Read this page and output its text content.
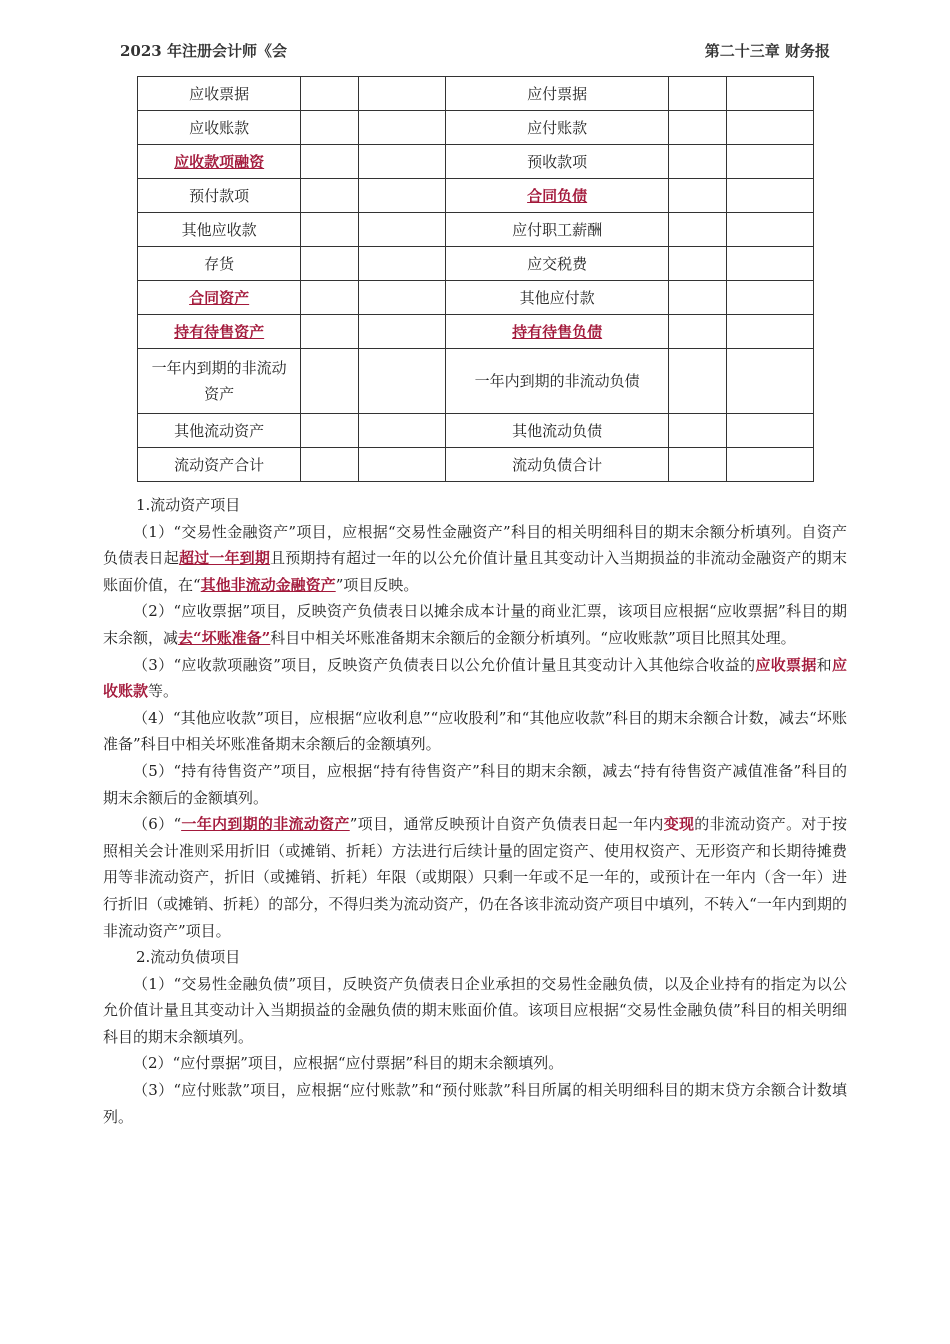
2023 年注册会计师《会	第二十三章 财务报
应收票据			应付票据		
应收账款			应付账款		
应收款项融资			预收款项		
预付款项			合同负债		
其他应收款			应付职工薪酬		
存货			应交税费		
合同资产			其他应付款		
持有待售资产			持有待售负债		
一年内到期的非流动
资产			一年内到期的非流动负债		
其他流动资产			其他流动负债		
流动资产合计			流动负债合计		

1.流动资产项目

（1）“交易性金融资产”项目，应根据“交易性金融资产”科目的相关明细科目的期末余额分析填列。自资产负债表日起超过一年到期且预期持有超过一年的以公允价值计量且其变动计入当期损益的非流动金融资产的期末账面价值，在“其他非流动金融资产”项目反映。

（2）“应收票据”项目，反映资产负债表日以摊余成本计量的商业汇票，该项目应根据“应收票据”科目的期末余额，减去“坏账准备”科目中相关坏账准备期末余额后的金额分析填列。“应收账款”项目比照其处理。

（3）“应收款项融资”项目，反映资产负债表日以公允价值计量且其变动计入其他综合收益的应收票据和应收账款等。

（4）“其他应收款”项目，应根据“应收利息”“应收股利”和“其他应收款”科目的期末余额合计数，减去“坏账准备”科目中相关坏账准备期末余额后的金额填列。

（5）“持有待售资产”项目，应根据“持有待售资产”科目的期末余额，减去“持有待售资产减值准备”科目的期末余额后的金额填列。

（6）“一年内到期的非流动资产”项目，通常反映预计自资产负债表日起一年内变现的非流动资产。对于按照相关会计准则采用折旧（或摊销、折耗）方法进行后续计量的固定资产、使用权资产、无形资产和长期待摊费用等非流动资产，折旧（或摊销、折耗）年限（或期限）只剩一年或不足一年的，或预计在一年内（含一年）进行折旧（或摊销、折耗）的部分，不得归类为流动资产，仍在各该非流动资产项目中填列，不转入“一年内到期的非流动资产”项目。

2.流动负债项目

（1）“交易性金融负债”项目，反映资产负债表日企业承担的交易性金融负债，以及企业持有的指定为以公允价值计量且其变动计入当期损益的金融负债的期末账面价值。该项目应根据“交易性金融负债”科目的相关明细科目的期末余额填列。

（2）“应付票据”项目，应根据“应付票据”科目的期末余额填列。

（3）“应付账款”项目，应根据“应付账款”和“预付账款”科目所属的相关明细科目的期末贷方余额合计数填列。
